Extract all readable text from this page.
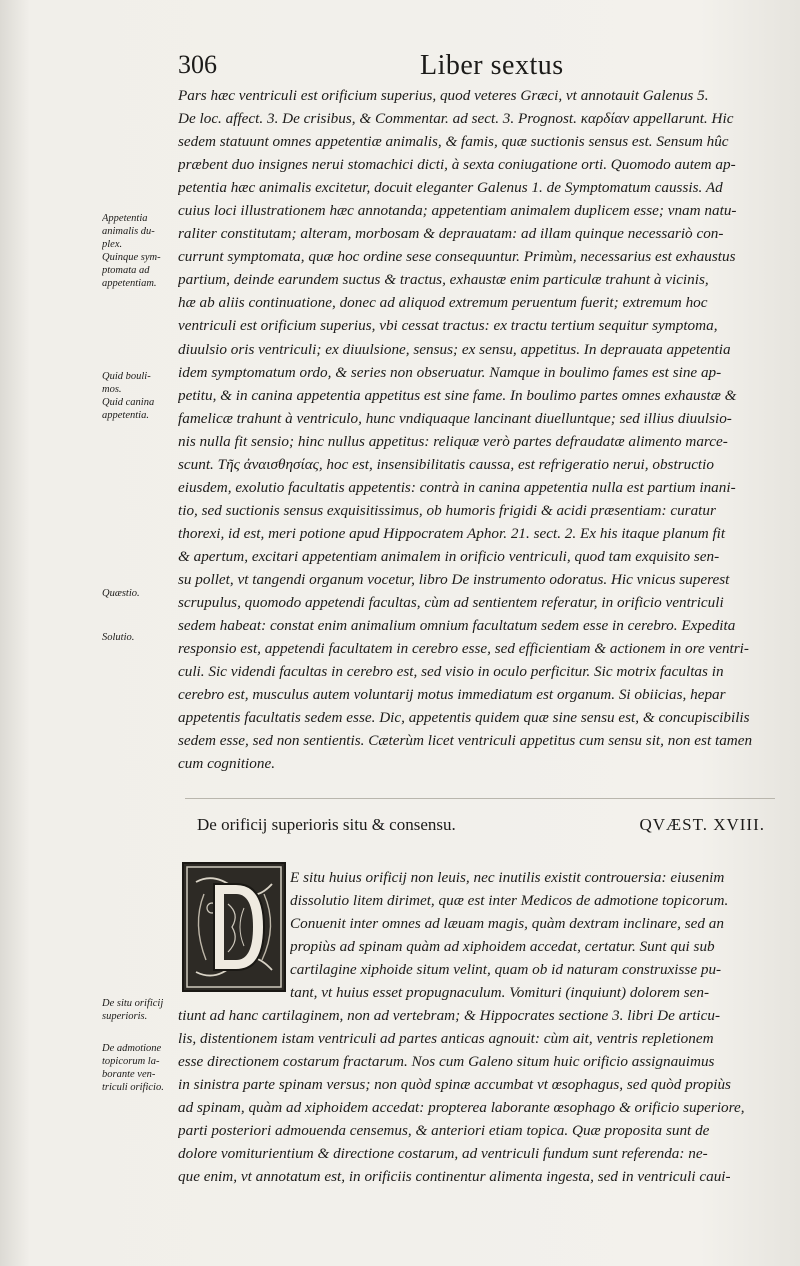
306	Liber sextus
Pars hæc ventriculi est orificium superius, quod veteres Græci, vt annotauit Galenus 5.
De loc. affect. 3. De crisibus, & Commentar. ad sect. 3. Prognost. καρδίαν appellarunt. Hic
sedem statuunt omnes appetentiæ animalis, & famis, quæ suctionis sensus est. Sensum hûc
præbent duo insignes nerui stomachici dicti, à sexta coniugatione orti. Quomodo autem ap-
petentia hæc animalis excitetur, docuit eleganter Galenus 1. de Symptomatum caussis. Ad
cuius loci illustrationem hæc annotanda; appetentiam animalem duplicem esse; vnam natu-
raliter constitutam; alteram, morbosam & deprauatam: ad illam quinque necessariò con-
currunt symptomata, quæ hoc ordine sese consequuntur. Primùm, necessarius est exhaustus
partium, deinde earundem suctus & tractus, exhaustæ enim particulæ trahunt à vicinis,
hæ ab aliis continuatione, donec ad aliquod extremum peruentum fuerit; extremum hoc
ventriculi est orificium superius, vbi cessat tractus: ex tractu tertium sequitur symptoma,
diuulsio oris ventriculi; ex diuulsione, sensus; ex sensu, appetitus. In deprauata appetentia
idem symptomatum ordo, & series non obseruatur. Namque in boulimo fames est sine ap-
petitu, & in canina appetentia appetitus est sine fame. In boulimo partes omnes exhaustæ &
famelicæ trahunt à ventriculo, hunc vndiquaque lancinant diuelluntque; sed illius diuulsio-
nis nulla fit sensio; hinc nullus appetitus: reliquæ verò partes defraudatæ alimento marce-
scunt. Τῆς ἀναισθησίας, hoc est, insensibilitatis caussa, est refrigeratio nerui, obstructio
eiusdem, exolutio facultatis appetentis: contrà in canina appetentia nulla est partium inani-
tio, sed suctionis sensus exquisitissimus, ob humoris frigidi & acidi præsentiam: curatur
thorexi, id est, meri potione apud Hippocratem Aphor. 21. sect. 2. Ex his itaque planum fit
& apertum, excitari appetentiam animalem in orificio ventriculi, quod tam exquisito sen-
su pollet, vt tangendi organum vocetur, libro De instrumento odoratus. Hic vnicus superest
scrupulus, quomodo appetendi facultas, cùm ad sentientem referatur, in orificio ventriculi
sedem habeat: constat enim animalium omnium facultatum sedem esse in cerebro. Expedita
responsio est, appetendi facultatem in cerebro esse, sed efficientiam & actionem in ore ventri-
culi. Sic videndi facultas in cerebro est, sed visio in oculo perficitur. Sic motrix facultas in
cerebro est, musculus autem voluntarij motus immediatum est organum. Si obiicias, hepar
appetentis facultatis sedem esse. Dic, appetentis quidem quæ sine sensu est, & concupiscibilis
sedem esse, sed non sentientis. Cæterùm licet ventriculi appetitus cum sensu sit, non est tamen
cum cognitione.
Appetentia
animalis du-
plex.
Quinque sym-
ptomata ad
appetentiam.
Quid bouli-
mos.
Quid canina
appetentia.
Quæstio.
Solutio.
De situ orificij
superioris.
De admotione
topicorum la-
borante ven-
triculi orificio.
De orificij superioris situ & consensu.	QVÆST. XVIII.
E situ huius orificij non leuis, nec inutilis existit controuersia: eiusenim
dissolutio litem dirimet, quæ est inter Medicos de admotione topicorum.
Conuenit inter omnes ad læuam magis, quàm dextram inclinare, sed an
propiùs ad spinam quàm ad xiphoidem accedat, certatur. Sunt qui sub
cartilagine xiphoide situm velint, quam ob id naturam construxisse pu-
tant, vt huius esset propugnaculum. Vomituri (inquiunt) dolorem sen-
tiunt ad hanc cartilaginem, non ad vertebram; & Hippocrates sectione 3. libri De articu-
lis, distentionem istam ventriculi ad partes anticas agnouit: cùm ait, ventris repletionem
esse directionem costarum fractarum. Nos cum Galeno situm huic orificio assignauimus
in sinistra parte spinam versus; non quòd spinæ accumbat vt œsophagus, sed quòd propiùs
ad spinam, quàm ad xiphoidem accedat: propterea laborante œsophago & orificio superiore,
parti posteriori admouenda censemus, & anteriori etiam topica. Quæ proposita sunt de
dolore vomiturientium & directione costarum, ad ventriculi fundum sunt referenda: ne-
que enim, vt annotatum est, in orificiis continentur alimenta ingesta, sed in ventriculi caui-
